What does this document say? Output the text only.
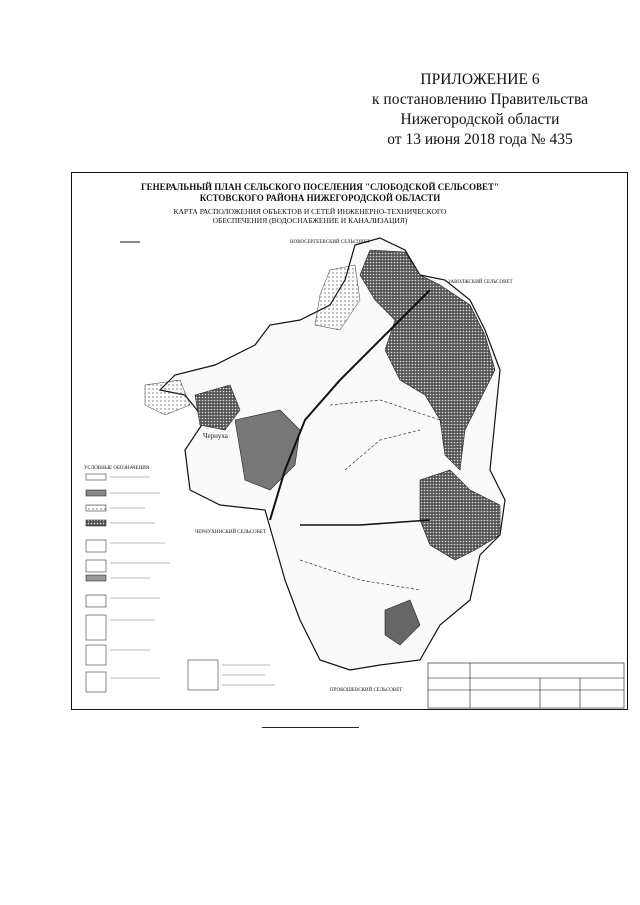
ПРИЛОЖЕНИЕ 6
к постановлению Правительства
Нижегородской области
от 13 июня 2018 года № 435
ГЕНЕРАЛЬНЫЙ ПЛАН СЕЛЬСКОГО ПОСЕЛЕНИЯ "СЛОБОДСКОЙ СЕЛЬСОВЕТ"
КСТОВСКОГО РАЙОНА НИЖЕГОРОДСКОЙ ОБЛАСТИ
КАРТА РАСПОЛОЖЕНИЯ ОБЪЕКТОВ И СЕТЕЙ ИНЖЕНЕРНО-ТЕХНИЧЕСКОГО
ОБЕСПЕЧЕНИЯ (ВОДОСНАБЖЕНИЕ И КАНАЛИЗАЦИЯ)
НОВОСЕРГЕЕВСКИЙ СЕЛЬСОВЕТ
ЗАВОЛЖСКИЙ СЕЛЬСОВЕТ
ЧЕРНУХИНСКИЙ СЕЛЬСОВЕТ
ПРОКОШЕВСКИЙ СЕЛЬСОВЕТ
УСЛОВНЫЕ ОБОЗНАЧЕНИЯ
Чернуха
